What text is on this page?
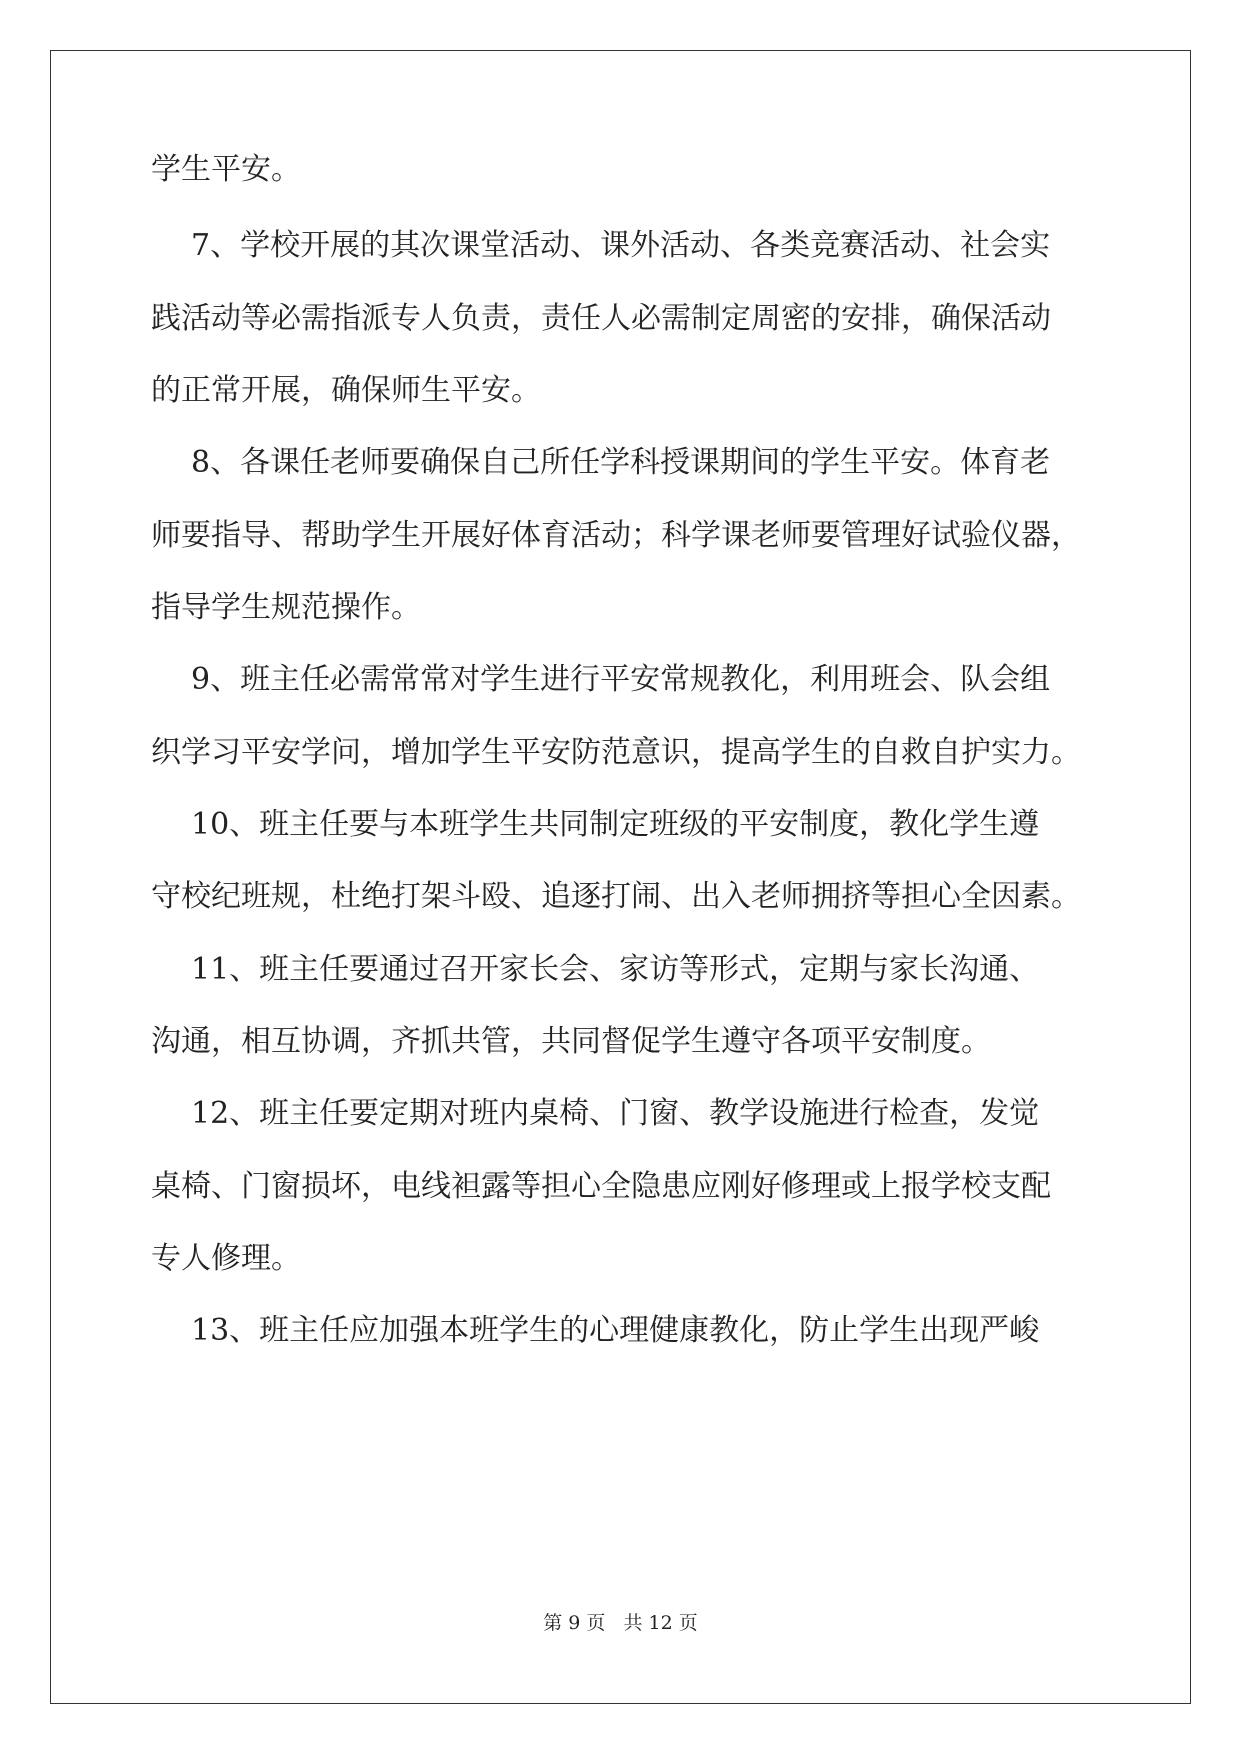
学生平安。
7、学校开展的其次课堂活动、课外活动、各类竞赛活动、社会实
践活动等必需指派专人负责，责任人必需制定周密的安排，确保活动
的正常开展，确保师生平安。
8、各课任老师要确保自己所任学科授课期间的学生平安。体育老
师要指导、帮助学生开展好体育活动；科学课老师要管理好试验仪器，
指导学生规范操作。
9、班主任必需常常对学生进行平安常规教化，利用班会、队会组
织学习平安学问，增加学生平安防范意识，提高学生的自救自护实力。
10、班主任要与本班学生共同制定班级的平安制度，教化学生遵
守校纪班规，杜绝打架斗殴、追逐打闹、出入老师拥挤等担心全因素。
11、班主任要通过召开家长会、家访等形式，定期与家长沟通、
沟通，相互协调，齐抓共管，共同督促学生遵守各项平安制度。
12、班主任要定期对班内桌椅、门窗、教学设施进行检查，发觉
桌椅、门窗损坏，电线袒露等担心全隐患应刚好修理或上报学校支配
专人修理。
13、班主任应加强本班学生的心理健康教化，防止学生出现严峻
第 9 页 共 12 页
